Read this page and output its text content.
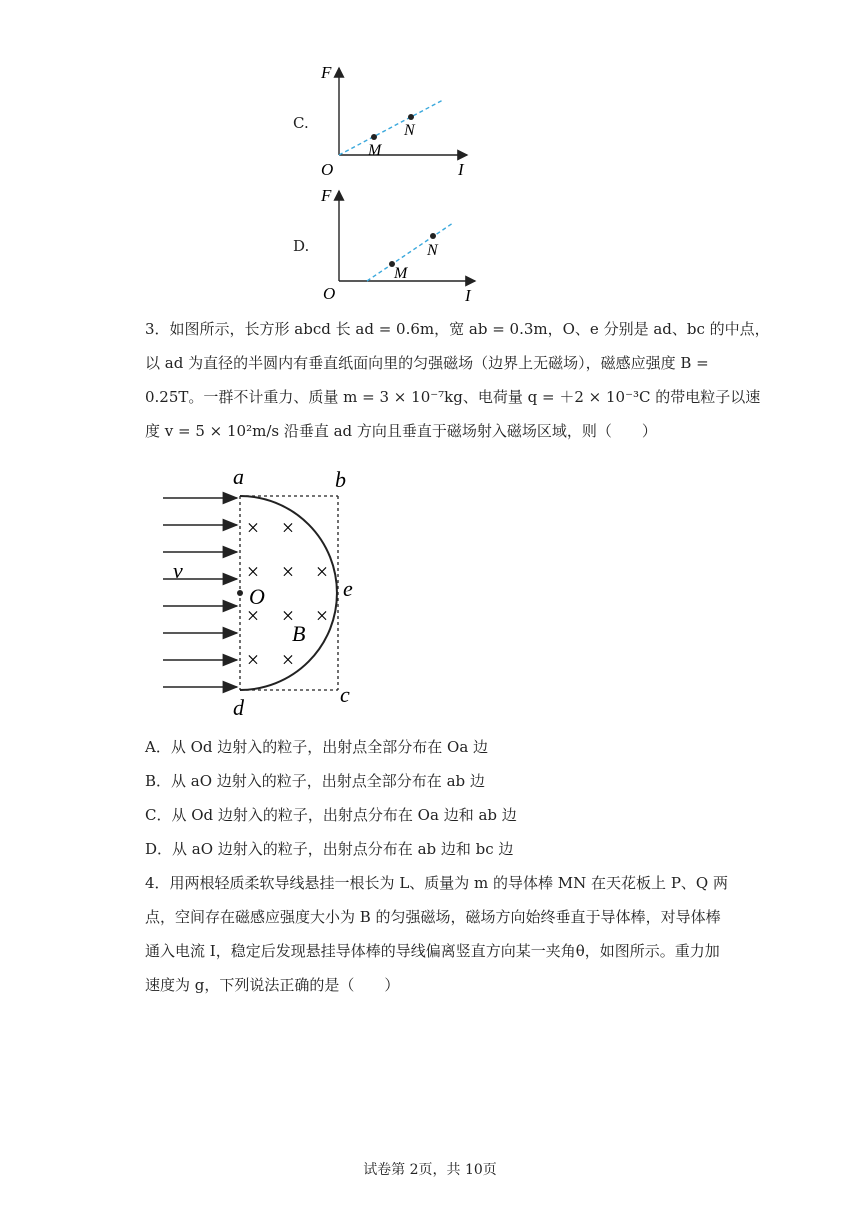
C.
F
I
O
M
N
D.
F
I
O
M
N
3．如图所示，长方形 abcd 长 ad = 0.6m，宽 ab = 0.3m，O、e 分别是 ad、bc 的中点，
以 ad 为直径的半圆内有垂直纸面向里的匀强磁场（边界上无磁场），磁感应强度 B =
0.25T。一群不计重力、质量 m = 3 × 10⁻⁷kg、电荷量 q = ＋2 × 10⁻³C 的带电粒子以速
度 v = 5 × 10²m/s 沿垂直 ad 方向且垂直于磁场射入磁场区域，则（　　）
× ×
× × ×
× × ×
× ×
a	b
c
d
e
O
v
B
A．从 Od 边射入的粒子，出射点全部分布在 Oa 边
B．从 aO 边射入的粒子，出射点全部分布在 ab 边
C．从 Od 边射入的粒子，出射点分布在 Oa 边和 ab 边
D．从 aO 边射入的粒子，出射点分布在 ab 边和 bc 边
4．用两根轻质柔软导线悬挂一根长为 L、质量为 m 的导体棒 MN 在天花板上 P、Q 两
点，空间存在磁感应强度大小为 B 的匀强磁场，磁场方向始终垂直于导体棒，对导体棒
通入电流 I，稳定后发现悬挂导体棒的导线偏离竖直方向某一夹角θ，如图所示。重力加
速度为 g，下列说法正确的是（　　）
试卷第 2页，共 10页
